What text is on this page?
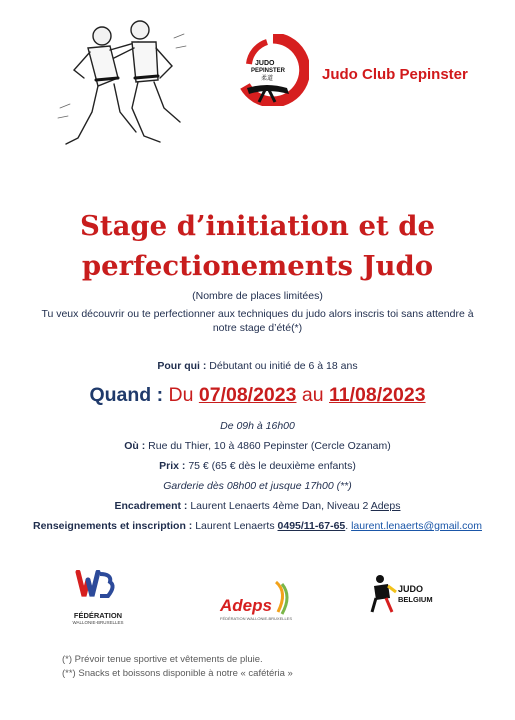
JUDO
PEPINSTER
柔道	Judo Club Pepinster
Stage d’initiation et de
perfectionements Judo
(Nombre de places limitées)
Tu veux découvrir ou te perfectionner aux techniques du judo alors inscris toi sans attendre à
notre stage d’été(*)
Pour qui : Débutant ou initié de 6 à 18 ans
Quand : Du 07/08/2023 au 11/08/2023
De 09h à 16h00
Où : Rue du Thier, 10 à 4860 Pepinster (Cercle Ozanam)
Prix : 75 € (65 € dès le deuxième enfants)
Garderie dès 08h00 et jusque 17h00 (**)
Encadrement : Laurent Lenaerts 4ème Dan, Niveau 2 Adeps
Renseignements et inscription : Laurent Lenaerts 0495/11-67-65. laurent.lenaerts@gmail.com
FÉDÉRATION
WALLONIE-BRUXELLES
Adeps
FÉDÉRATION WALLONIE-BRUXELLES
JUDO
BELGIUM
(*) Prévoir tenue sportive et vêtements de pluie.
(**) Snacks et boissons disponible à notre « cafétéria »
